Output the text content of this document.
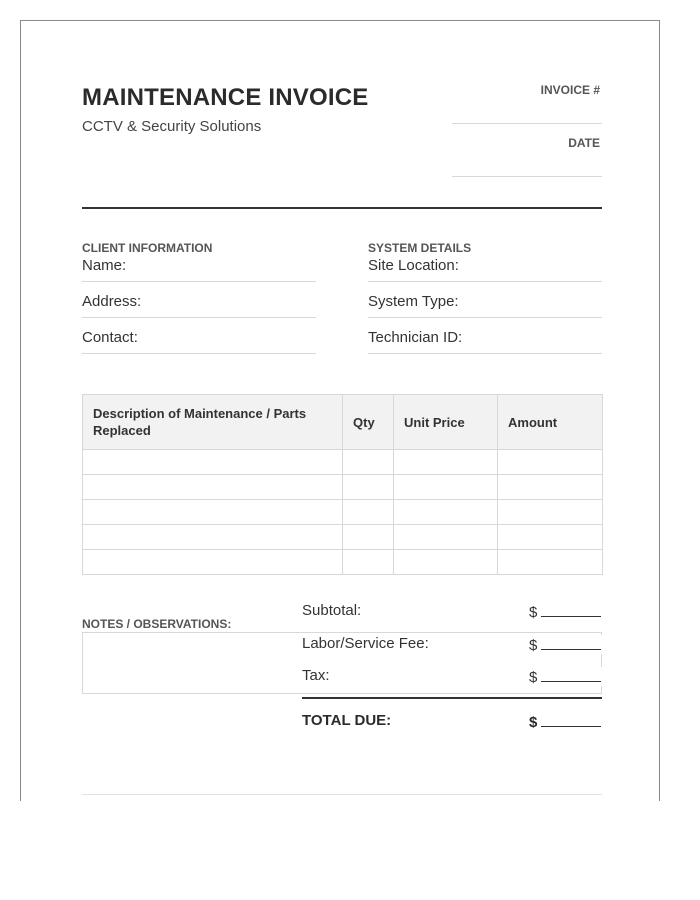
MAINTENANCE INVOICE
CCTV & Security Solutions
INVOICE #
DATE
CLIENT INFORMATION
Name:
Address:
Contact:
SYSTEM DETAILS
Site Location:
System Type:
Technician ID:
Description of Maintenance / Parts Replaced	Qty	Unit Price	Amount

NOTES / OBSERVATIONS:
Subtotal:	$
Labor/Service Fee:	$
Tax:	$
TOTAL DUE:	$
